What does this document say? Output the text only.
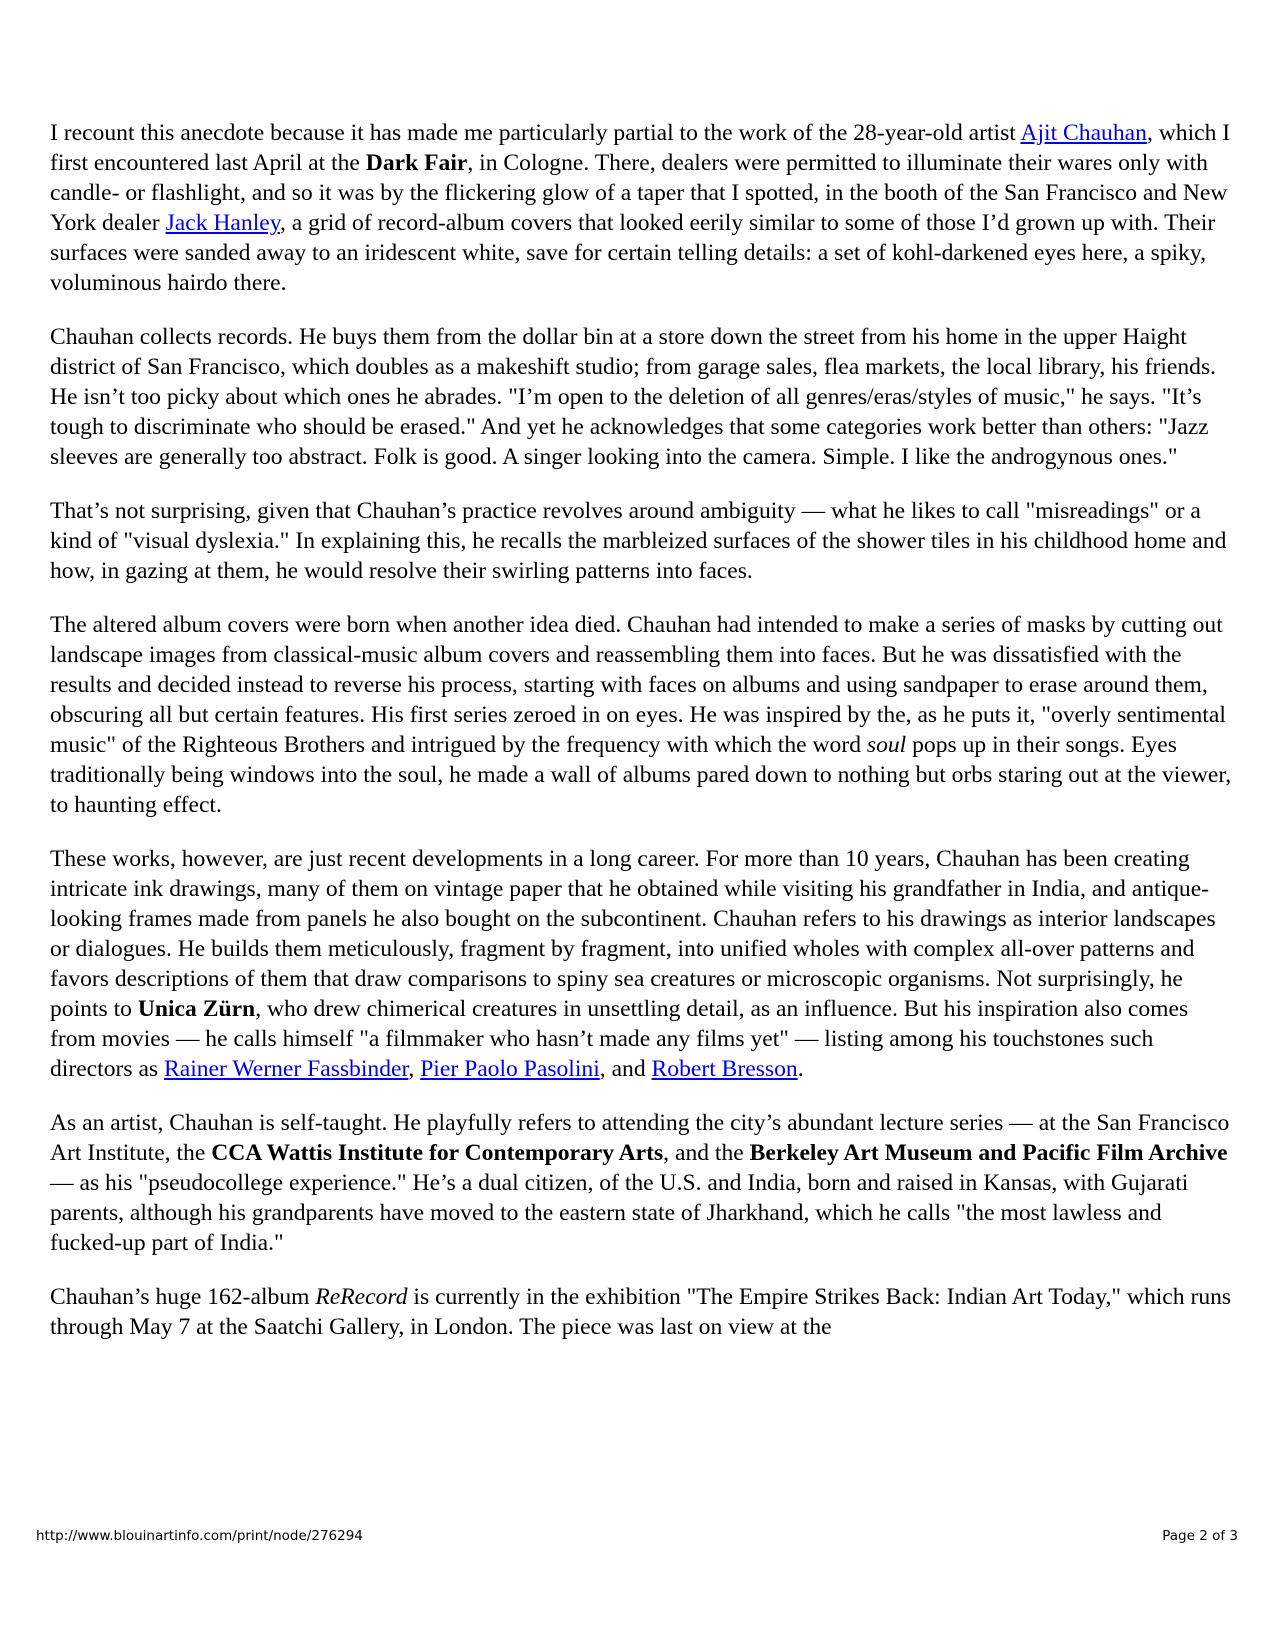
I recount this anecdote because it has made me particularly partial to the work of the 28-year-old artist Ajit Chauhan, which I first encountered last April at the Dark Fair, in Cologne. There, dealers were permitted to illuminate their wares only with candle- or flashlight, and so it was by the flickering glow of a taper that I spotted, in the booth of the San Francisco and New York dealer Jack Hanley, a grid of record-album covers that looked eerily similar to some of those I’d grown up with. Their surfaces were sanded away to an iridescent white, save for certain telling details: a set of kohl-darkened eyes here, a spiky, voluminous hairdo there.

Chauhan collects records. He buys them from the dollar bin at a store down the street from his home in the upper Haight district of San Francisco, which doubles as a makeshift studio; from garage sales, flea markets, the local library, his friends. He isn’t too picky about which ones he abrades. "I’m open to the deletion of all genres/eras/styles of music," he says. "It’s tough to discriminate who should be erased." And yet he acknowledges that some categories work better than others: "Jazz sleeves are generally too abstract. Folk is good. A singer looking into the camera. Simple. I like the androgynous ones."

That’s not surprising, given that Chauhan’s practice revolves around ambiguity — what he likes to call "misreadings" or a kind of "visual dyslexia." In explaining this, he recalls the marbleized surfaces of the shower tiles in his childhood home and how, in gazing at them, he would resolve their swirling patterns into faces.

The altered album covers were born when another idea died. Chauhan had intended to make a series of masks by cutting out landscape images from classical-music album covers and reassembling them into faces. But he was dissatisfied with the results and decided instead to reverse his process, starting with faces on albums and using sandpaper to erase around them, obscuring all but certain features. His first series zeroed in on eyes. He was inspired by the, as he puts it, "overly sentimental music" of the Righteous Brothers and intrigued by the frequency with which the word soul pops up in their songs. Eyes traditionally being windows into the soul, he made a wall of albums pared down to nothing but orbs staring out at the viewer, to haunting effect.

These works, however, are just recent developments in a long career. For more than 10 years, Chauhan has been creating intricate ink drawings, many of them on vintage paper that he obtained while visiting his grandfather in India, and antique-looking frames made from panels he also bought on the subcontinent. Chauhan refers to his drawings as interior landscapes or dialogues. He builds them meticulously, fragment by fragment, into unified wholes with complex all-over patterns and favors descriptions of them that draw comparisons to spiny sea creatures or microscopic organisms. Not surprisingly, he points to Unica Zürn, who drew chimerical creatures in unsettling detail, as an influence. But his inspiration also comes from movies — he calls himself "a filmmaker who hasn’t made any films yet" — listing among his touchstones such directors as Rainer Werner Fassbinder, Pier Paolo Pasolini, and Robert Bresson.

As an artist, Chauhan is self-taught. He playfully refers to attending the city’s abundant lecture series — at the San Francisco Art Institute, the CCA Wattis Institute for Contemporary Arts, and the Berkeley Art Museum and Pacific Film Archive — as his "pseudocollege experience." He’s a dual citizen, of the U.S. and India, born and raised in Kansas, with Gujarati parents, although his grandparents have moved to the eastern state of Jharkhand, which he calls "the most lawless and fucked-up part of India."

Chauhan’s huge 162-album ReRecord is currently in the exhibition "The Empire Strikes Back: Indian Art Today," which runs through May 7 at the Saatchi Gallery, in London. The piece was last on view at the

http://www.blouinartinfo.com/print/node/276294	Page 2 of 3
